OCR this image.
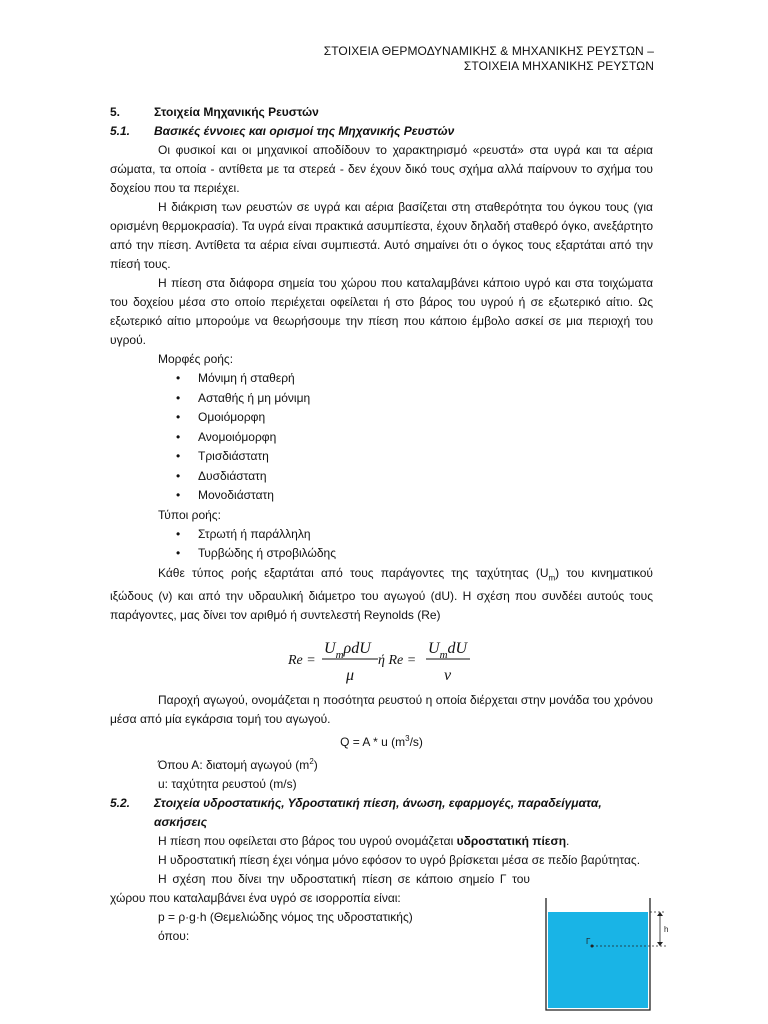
ΣΤΟΙΧΕΙΑ ΘΕΡΜΟΔΥΝΑΜΙΚΗΣ & ΜΗΧΑΝΙΚΗΣ ΡΕΥΣΤΩΝ –
ΣΤΟΙΧΕΙΑ ΜΗΧΑΝΙΚΗΣ ΡΕΥΣΤΩΝ
5.	Στοιχεία Μηχανικής Ρευστών
5.1.	Βασικές έννοιες και ορισμοί της Μηχανικής Ρευστών

Οι φυσικοί και οι μηχανικοί αποδίδουν το χαρακτηρισμό «ρευστά» στα υγρά και τα αέρια σώματα, τα οποία - αντίθετα με τα στερεά - δεν έχουν δικό τους σχήμα αλλά παίρνουν το σχήμα του δοχείου που τα περιέχει.

Η διάκριση των ρευστών σε υγρά και αέρια βασίζεται στη σταθερότητα του όγκου τους (για ορισμένη θερμοκρασία). Τα υγρά είναι πρακτικά ασυμπίεστα, έχουν δηλαδή σταθερό όγκο, ανεξάρτητο από την πίεση. Αντίθετα τα αέρια είναι συμπιεστά. Αυτό σημαίνει ότι ο όγκος τους εξαρτάται από την πίεσή τους.

Η πίεση στα διάφορα σημεία του χώρου που καταλαμβάνει κάποιο υγρό και στα τοιχώματα του δοχείου μέσα στο οποίο περιέχεται οφείλεται ή στο βάρος του υγρού ή σε εξωτερικό αίτιο. Ως εξωτερικό αίτιο μπορούμε να θεωρήσουμε την πίεση που κάποιο έμβολο ασκεί σε μια περιοχή του υγρού.

Μορφές ροής:
• Μόνιμη ή σταθερή
• Ασταθής ή μη μόνιμη
• Ομοιόμορφη
• Ανομοιόμορφη
• Τρισδιάστατη
• Δυσδιάστατη
• Μονοδιάστατη
Τύποι ροής:
• Στρωτή ή παράλληλη
• Τυρβώδης ή στροβιλώδης

Κάθε τύπος ροής εξαρτάται από τους παράγοντες της ταχύτητας $(U_m)$ του κινηματικού ιξώδους (ν) και από την υδραυλική διάμετρο του αγωγού (dU). Η σχέση που συνδέει αυτούς τους παράγοντες, μας δίνει τον αριθμό ή συντελεστή Reynolds (Re)

Re =
$U_m\rho dU$
μ
ή Re =
$U_mdU$
ν

Παροχή αγωγού, ονομάζεται η ποσότητα ρευστού η οποία διέρχεται στην μονάδα του χρόνου μέσα από μία εγκάρσια τομή του αγωγού.

Q = A * u $(m^3/s)$
Όπου Α: διατομή αγωγού $(m^2)$
u: ταχύτητα ρευστού (m/s)
5.2.	Στοιχεία υδροστατικής, Υδροστατική πίεση, άνωση, εφαρμογές, παραδείγματα, ασκήσεις

Η πίεση που οφείλεται στο βάρος του υγρού ονομάζεται υδροστατική πίεση.

Η υδροστατική πίεση έχει νόημα μόνο εφόσον το υγρό βρίσκεται μέσα σε πεδίο βαρύτητας.

Η σχέση που δίνει την υδροστατική πίεση σε κάποιο σημείο Γ του χώρου που καταλαμβάνει ένα υγρό σε ισορροπία είναι:

p = ρ·g·h (Θεμελιώδης νόμος της υδροστατικής)
όπου:	h
Γ
